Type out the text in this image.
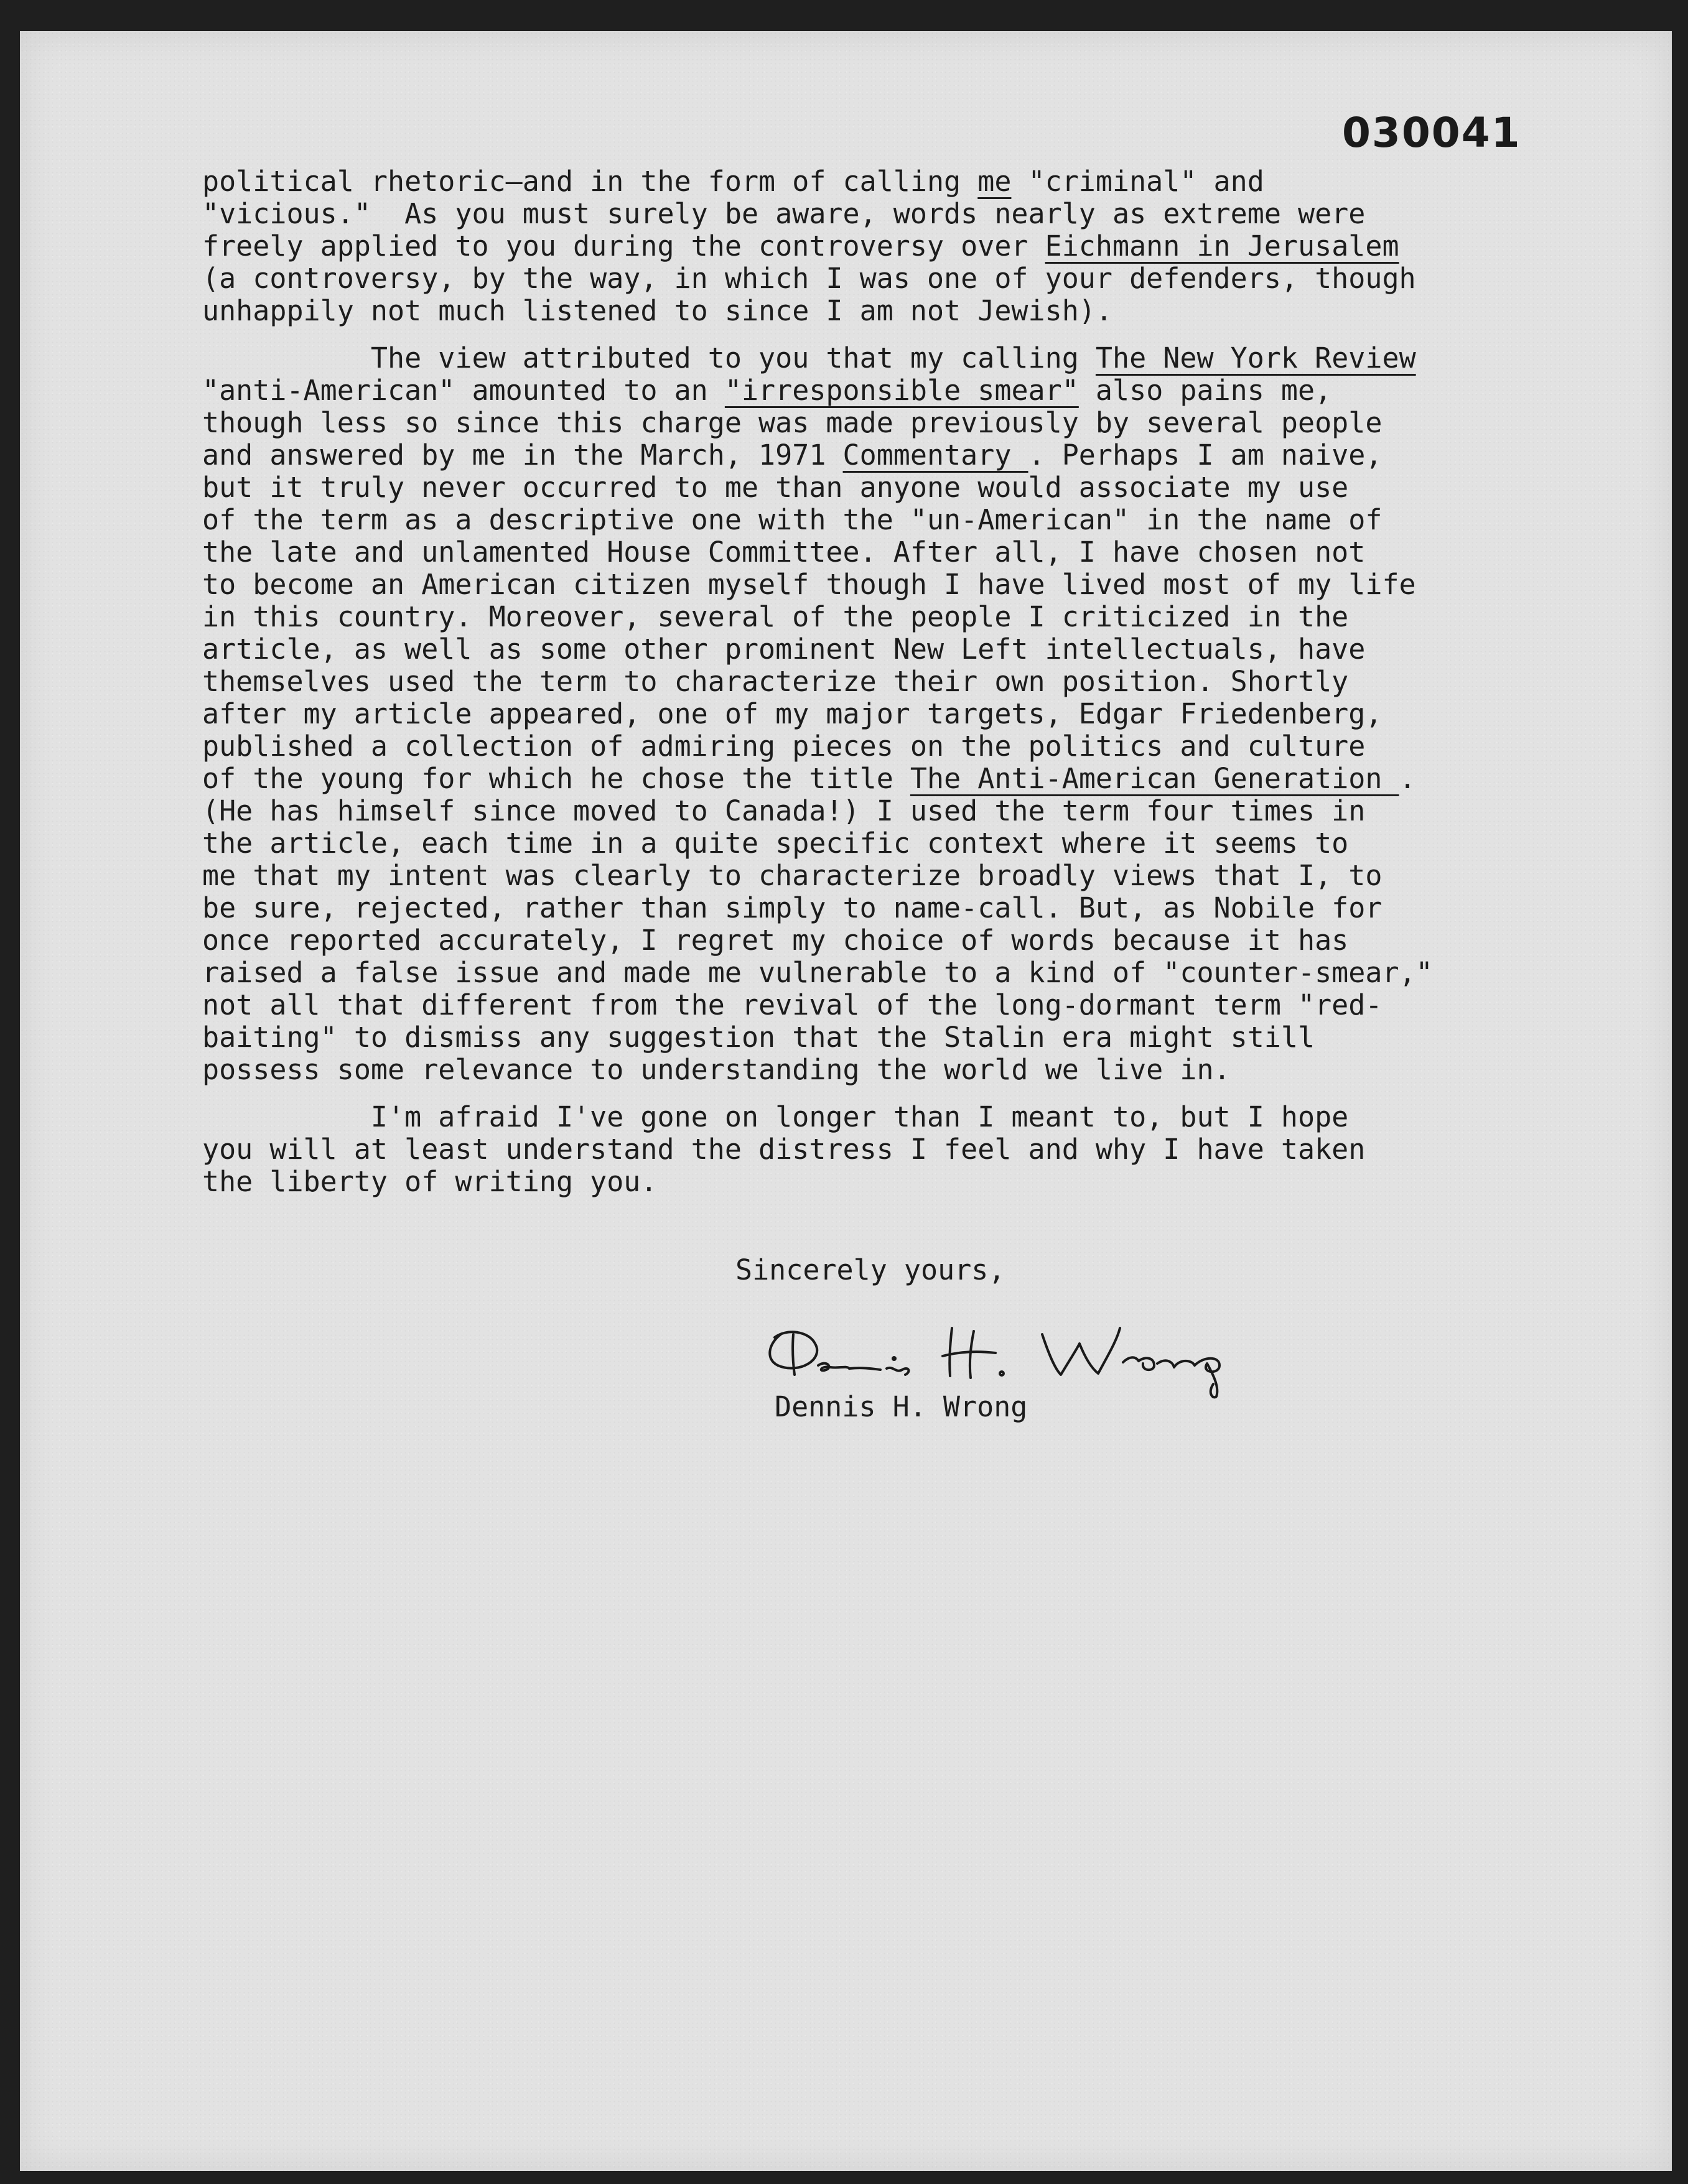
030041
political rhetoric—and in the form of calling me "criminal" and
"vicious."  As you must surely be aware, words nearly as extreme were
freely applied to you during the controversy over Eichmann in Jerusalem
(a controversy, by the way, in which I was one of your defenders, though
unhappily not much listened to since I am not Jewish).
The view attributed to you that my calling The New York Review
"anti-American" amounted to an "irresponsible smear" also pains me,
though less so since this charge was made previously by several people
and answered by me in the March, 1971 Commentary . Perhaps I am naive,
but it truly never occurred to me than anyone would associate my use
of the term as a descriptive one with the "un-American" in the name of
the late and unlamented House Committee. After all, I have chosen not
to become an American citizen myself though I have lived most of my life
in this country. Moreover, several of the people I criticized in the
article, as well as some other prominent New Left intellectuals, have
themselves used the term to characterize their own position. Shortly
after my article appeared, one of my major targets, Edgar Friedenberg,
published a collection of admiring pieces on the politics and culture
of the young for which he chose the title The Anti-American Generation .
(He has himself since moved to Canada!) I used the term four times in
the article, each time in a quite specific context where it seems to
me that my intent was clearly to characterize broadly views that I, to
be sure, rejected, rather than simply to name-call. But, as Nobile for
once reported accurately, I regret my choice of words because it has
raised a false issue and made me vulnerable to a kind of "counter-smear,"
not all that different from the revival of the long-dormant term "red-
baiting" to dismiss any suggestion that the Stalin era might still
possess some relevance to understanding the world we live in.
I'm afraid I've gone on longer than I meant to, but I hope
you will at least understand the distress I feel and why I have taken
the liberty of writing you.
Sincerely yours,
Dennis H. Wrong
